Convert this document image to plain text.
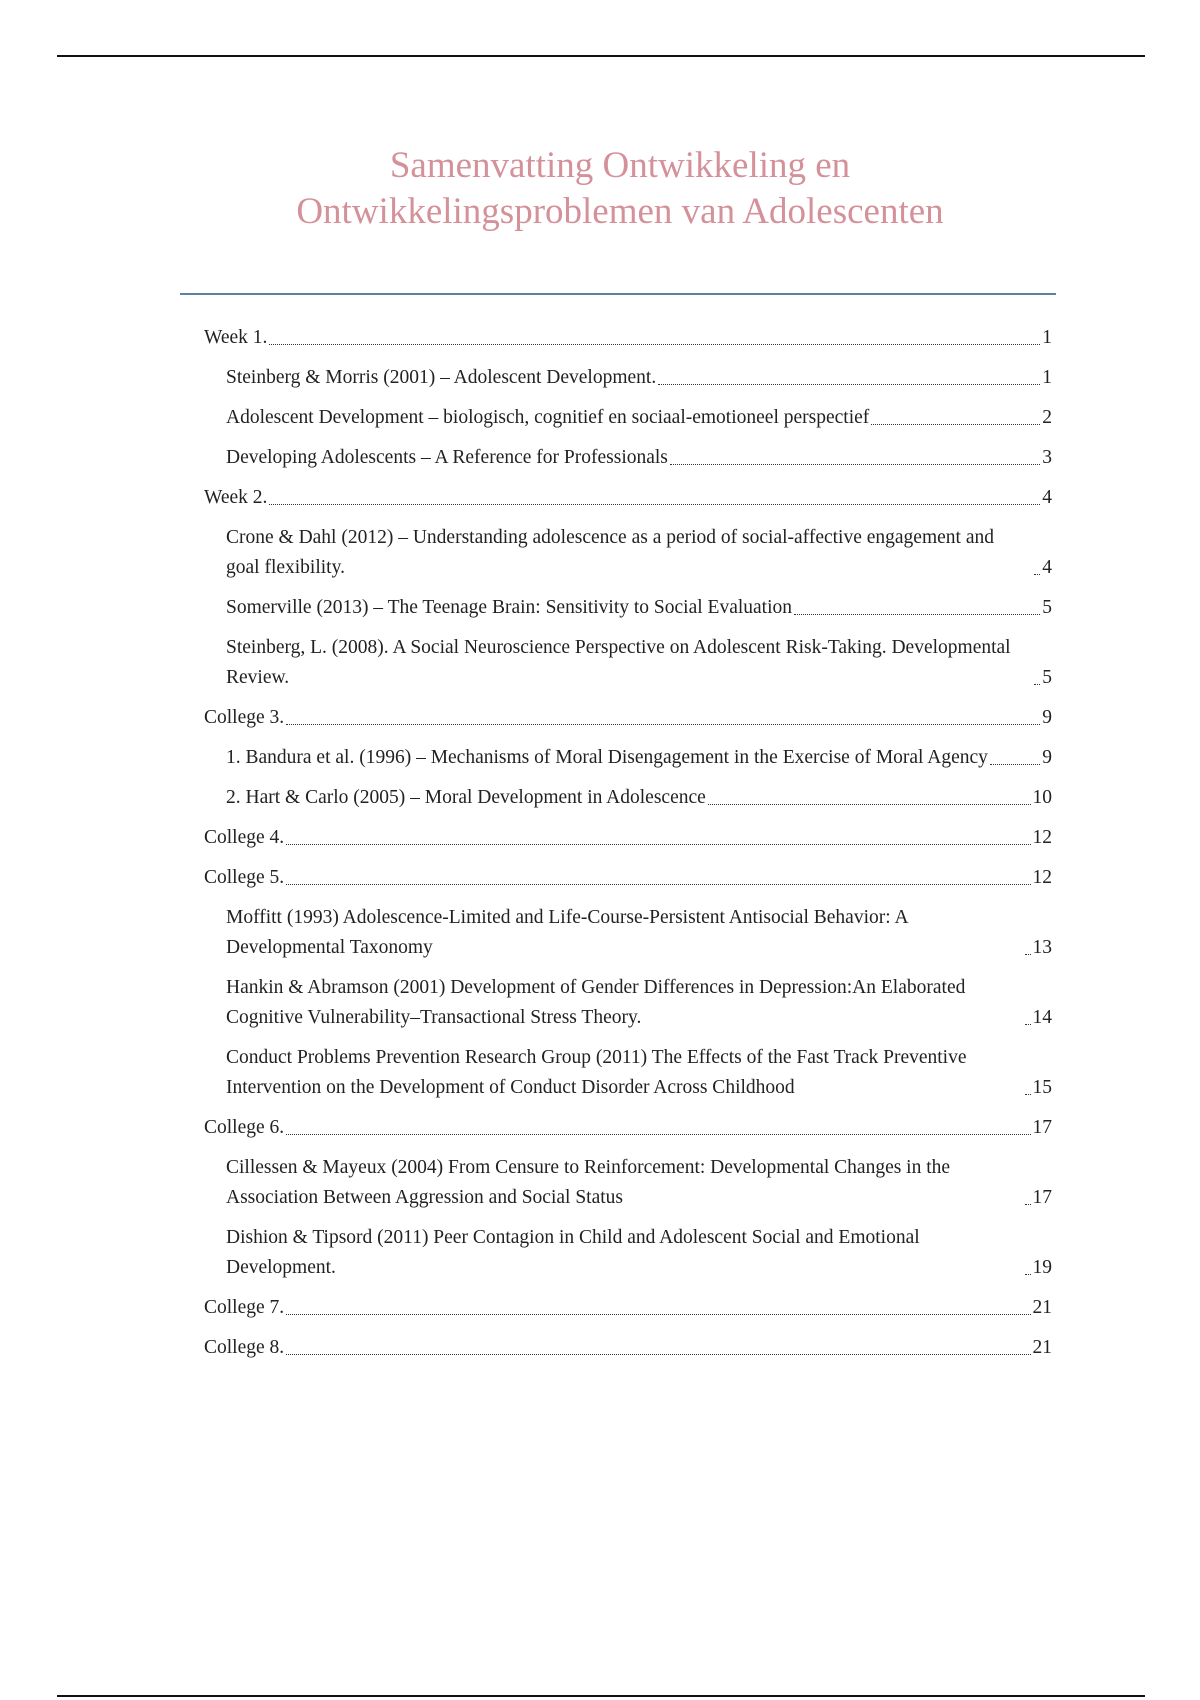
Samenvatting Ontwikkeling en
Ontwikkelingsproblemen van Adolescenten
Week 1.	1
Steinberg & Morris (2001) – Adolescent Development.	1
Adolescent Development – biologisch, cognitief en sociaal-emotioneel perspectief	2
Developing Adolescents – A Reference for Professionals	3
Week 2.	4
Crone & Dahl (2012) – Understanding adolescence as a period of social-affective engagement and goal flexibility.	4
Somerville (2013) – The Teenage Brain: Sensitivity to Social Evaluation	5
Steinberg, L. (2008). A Social Neuroscience Perspective on Adolescent Risk-Taking. Developmental Review.	5
College 3.	9
1. Bandura et al. (1996) – Mechanisms of Moral Disengagement in the Exercise of Moral Agency	9
2. Hart & Carlo (2005) – Moral Development in Adolescence	10
College 4.	12
College 5.	12
Moffitt (1993) Adolescence-Limited and Life-Course-Persistent Antisocial Behavior: A Developmental Taxonomy	13
Hankin & Abramson (2001) Development of Gender Differences in Depression:An Elaborated Cognitive Vulnerability–Transactional Stress Theory.	14
Conduct Problems Prevention Research Group (2011) The Effects of the Fast Track Preventive Intervention on the Development of Conduct Disorder Across Childhood	15
College 6.	17
Cillessen & Mayeux (2004) From Censure to Reinforcement: Developmental Changes in the Association Between Aggression and Social Status	17
Dishion & Tipsord (2011) Peer Contagion in Child and Adolescent Social and Emotional Development.	19
College 7.	21
College 8.	21
